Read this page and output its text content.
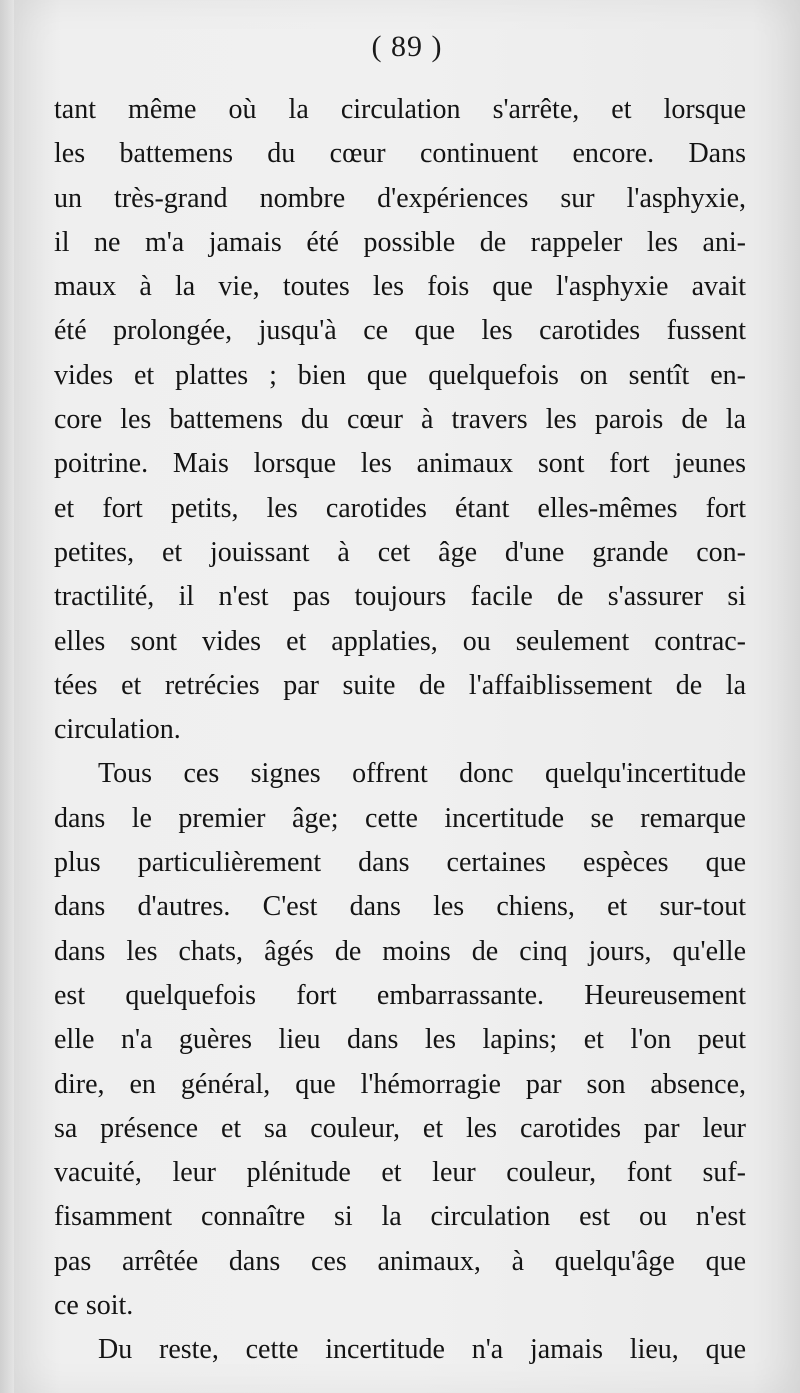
( 89 )
tant même où la circulation s'arrête, et lorsque
les battemens du cœur continuent encore. Dans
un très-grand nombre d'expériences sur l'asphyxie,
il ne m'a jamais été possible de rappeler les ani-
maux à la vie, toutes les fois que l'asphyxie avait
été prolongée, jusqu'à ce que les carotides fussent
vides et plattes ; bien que quelquefois on sentît en-
core les battemens du cœur à travers les parois de la
poitrine. Mais lorsque les animaux sont fort jeunes
et fort petits, les carotides étant elles-mêmes fort
petites, et jouissant à cet âge d'une grande con-
tractilité, il n'est pas toujours facile de s'assurer si
elles sont vides et applaties, ou seulement contrac-
tées et retrécies par suite de l'affaiblissement de la
circulation.
Tous ces signes offrent donc quelqu'incertitude
dans le premier âge; cette incertitude se remarque
plus particulièrement dans certaines espèces que
dans d'autres. C'est dans les chiens, et sur-tout
dans les chats, âgés de moins de cinq jours, qu'elle
est quelquefois fort embarrassante. Heureusement
elle n'a guères lieu dans les lapins; et l'on peut
dire, en général, que l'hémorragie par son absence,
sa présence et sa couleur, et les carotides par leur
vacuité, leur plénitude et leur couleur, font suf-
fisamment connaître si la circulation est ou n'est
pas arrêtée dans ces animaux, à quelqu'âge que
ce soit.
Du reste, cette incertitude n'a jamais lieu, que
